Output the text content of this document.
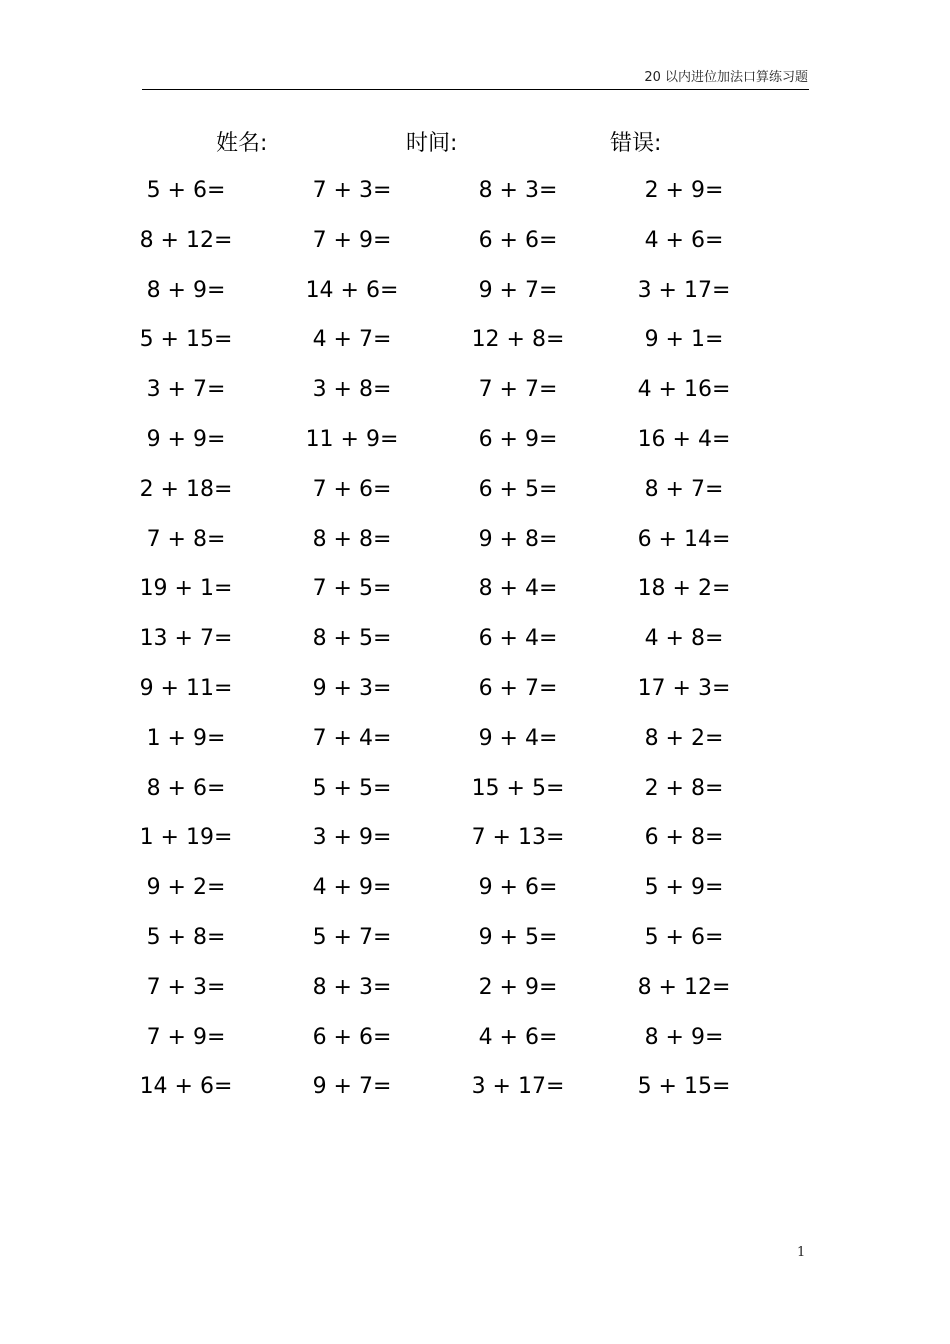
20 以内进位加法口算练习题
姓名:	时间:	错误:
5 + 6=	7 + 3=	8 + 3=	2 + 9=
8 + 12=	7 + 9=	6 + 6=	4 + 6=
8 + 9=	14 + 6=	9 + 7=	3 + 17=
5 + 15=	4 + 7=	12 + 8=	9 + 1=
3 + 7=	3 + 8=	7 + 7=	4 + 16=
9 + 9=	11 + 9=	6 + 9=	16 + 4=
2 + 18=	7 + 6=	6 + 5=	8 + 7=
7 + 8=	8 + 8=	9 + 8=	6 + 14=
19 + 1=	7 + 5=	8 + 4=	18 + 2=
13 + 7=	8 + 5=	6 + 4=	4 + 8=
9 + 11=	9 + 3=	6 + 7=	17 + 3=
1 + 9=	7 + 4=	9 + 4=	8 + 2=
8 + 6=	5 + 5=	15 + 5=	2 + 8=
1 + 19=	3 + 9=	7 + 13=	6 + 8=
9 + 2=	4 + 9=	9 + 6=	5 + 9=
5 + 8=	5 + 7=	9 + 5=	5 + 6=
7 + 3=	8 + 3=	2 + 9=	8 + 12=
7 + 9=	6 + 6=	4 + 6=	8 + 9=
14 + 6=	9 + 7=	3 + 17=	5 + 15=
1
